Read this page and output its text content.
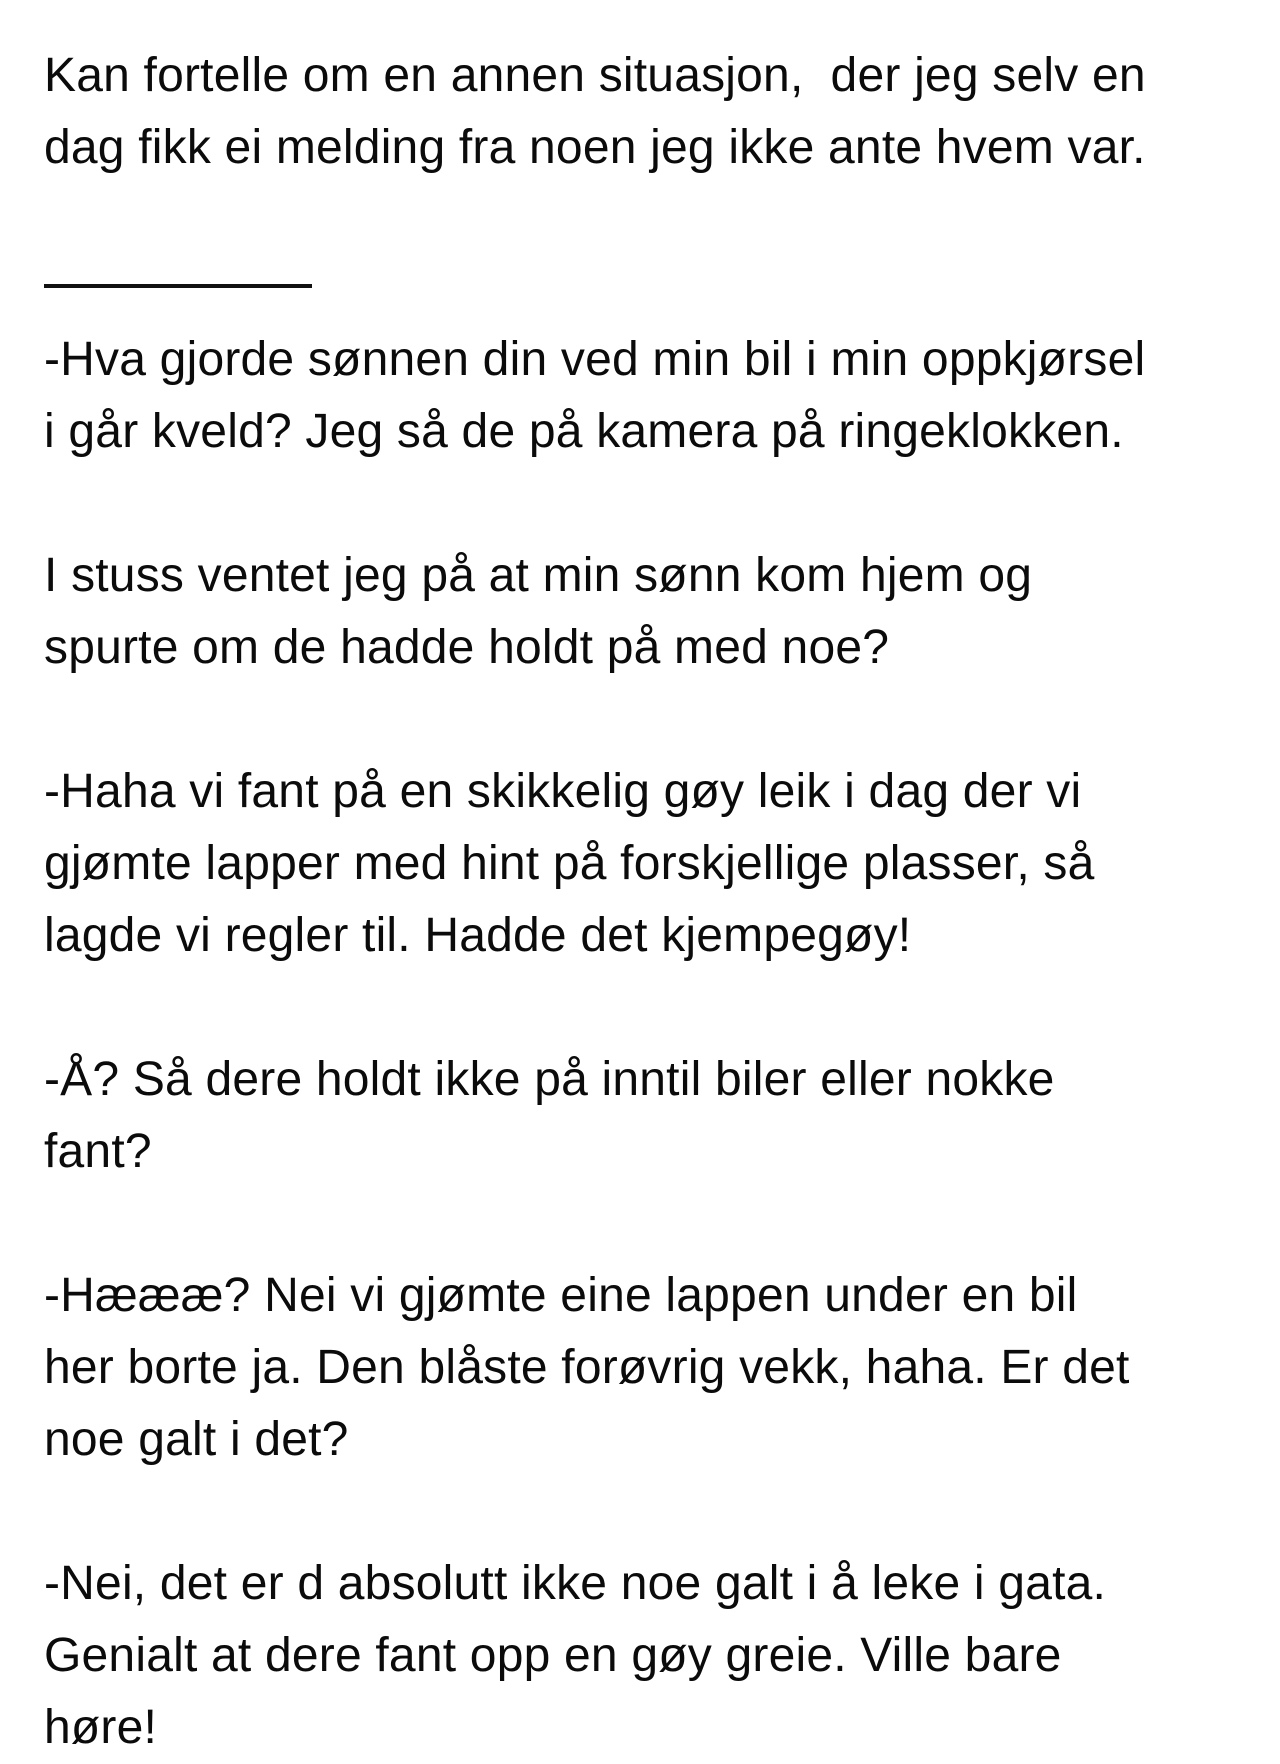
Kan fortelle om en annen situasjon,  der jeg selv en
dag fikk ei melding fra noen jeg ikke ante hvem var.

-Hva gjorde sønnen din ved min bil i min oppkjørsel
i går kveld? Jeg så de på kamera på ringeklokken.

I stuss ventet jeg på at min sønn kom hjem og
spurte om de hadde holdt på med noe?

-Haha vi fant på en skikkelig gøy leik i dag der vi
gjømte lapper med hint på forskjellige plasser, så
lagde vi regler til. Hadde det kjempegøy!

-Å? Så dere holdt ikke på inntil biler eller nokke
fant?

-Hæææ? Nei vi gjømte eine lappen under en bil
her borte ja. Den blåste forøvrig vekk, haha. Er det
noe galt i det?

-Nei, det er d absolutt ikke noe galt i å leke i gata.
Genialt at dere fant opp en gøy greie. Ville bare
høre!
